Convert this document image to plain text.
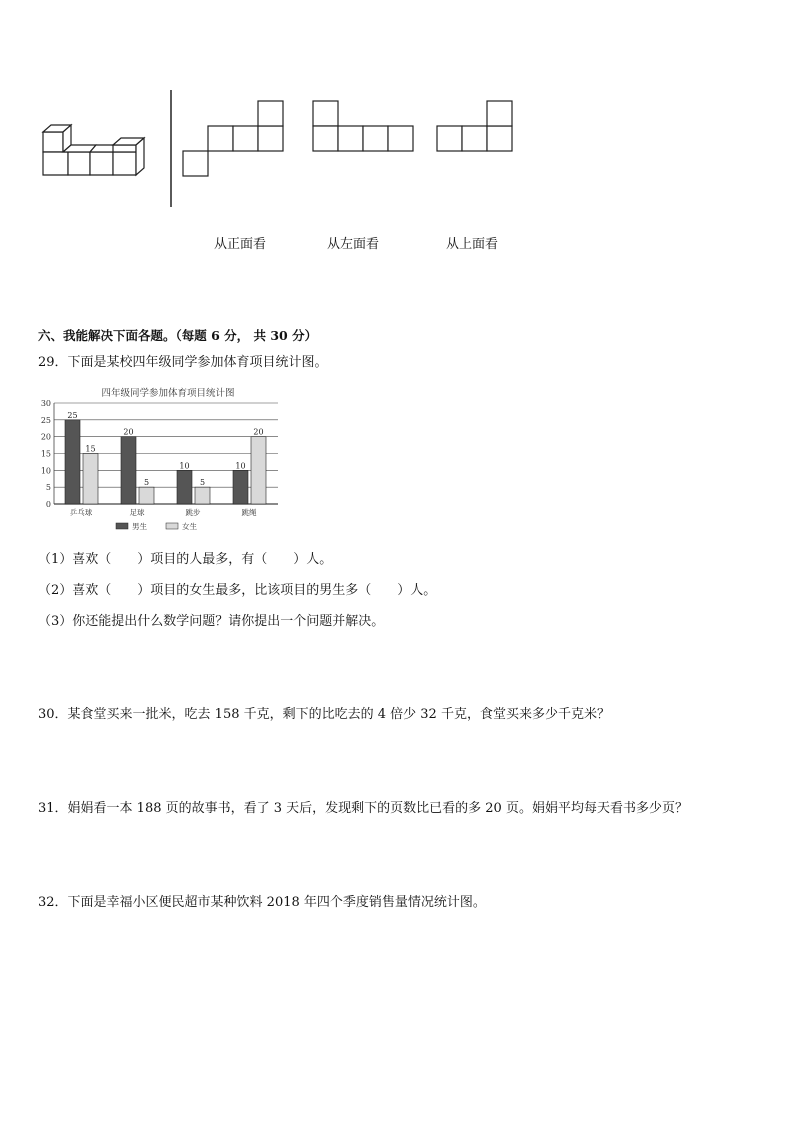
从正面看	从左面看	从上面看
六、我能解决下面各题。（每题 6 分， 共 30 分）
29．下面是某校四年级同学参加体育项目统计图。
四年级同学参加体育项目统计图
0
5
10
15
20
25
30
25
15
20
5
10
5
10
20
乒乓球	足球	跳步	跳绳
男生	女生
（1）喜欢（　　）项目的人最多，有（　　）人。
（2）喜欢（　　）项目的女生最多，比该项目的男生多（　　）人。
（3）你还能提出什么数学问题？请你提出一个问题并解决。
30．某食堂买来一批米，吃去 158 千克，剩下的比吃去的 4 倍少 32 千克，食堂买来多少千克米？
31．娟娟看一本 188 页的故事书，看了 3 天后，发现剩下的页数比已看的多 20 页。娟娟平均每天看书多少页？
32．下面是幸福小区便民超市某种饮料 2018 年四个季度销售量情况统计图。
